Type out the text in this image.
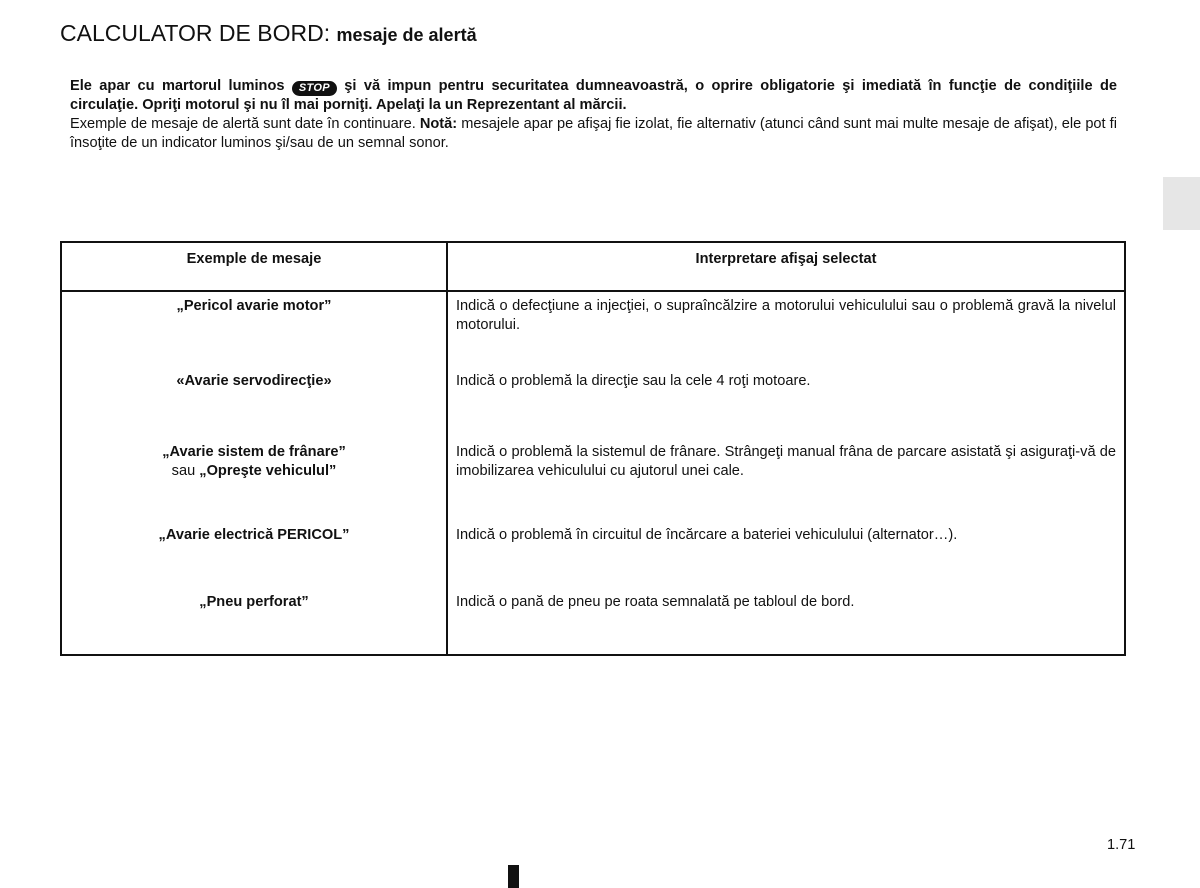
CALCULATOR DE BORD: mesaje de alertă
Ele apar cu martorul luminos STOP şi vă impun pentru securitatea dumneavoastră, o oprire obligatorie şi imediată în funcţie de condiţiile de circulaţie. Opriţi motorul şi nu îl mai porniţi. Apelaţi la un Reprezentant al mărcii.
Exemple de mesaje de alertă sunt date în continuare. Notă: mesajele apar pe afişaj fie izolat, fie alternativ (atunci când sunt mai multe mesaje de afişat), ele pot fi însoţite de un indicator luminos şi/sau de un semnal sonor.
Exemple de mesaje	Interpretare afişaj selectat
„Pericol avarie motor”	Indică o defecţiune a injecţiei, o supraîncălzire a motorului vehiculului sau o problemă gravă la nivelul motorului.
«Avarie servodirecţie»	Indică o problemă la direcţie sau la cele 4 roţi motoare.
„Avarie sistem de frânare”
sau „Opreşte vehiculul”	Indică o problemă la sistemul de frânare. Strângeţi manual frâna de parcare asistată şi asiguraţi-vă de imobilizarea vehiculului cu ajutorul unei cale.
„Avarie electrică PERICOL”	Indică o problemă în circuitul de încărcare a bateriei vehiculului (alternator…).
„Pneu perforat”	Indică o pană de pneu pe roata semnalată pe tabloul de bord.
1.71
